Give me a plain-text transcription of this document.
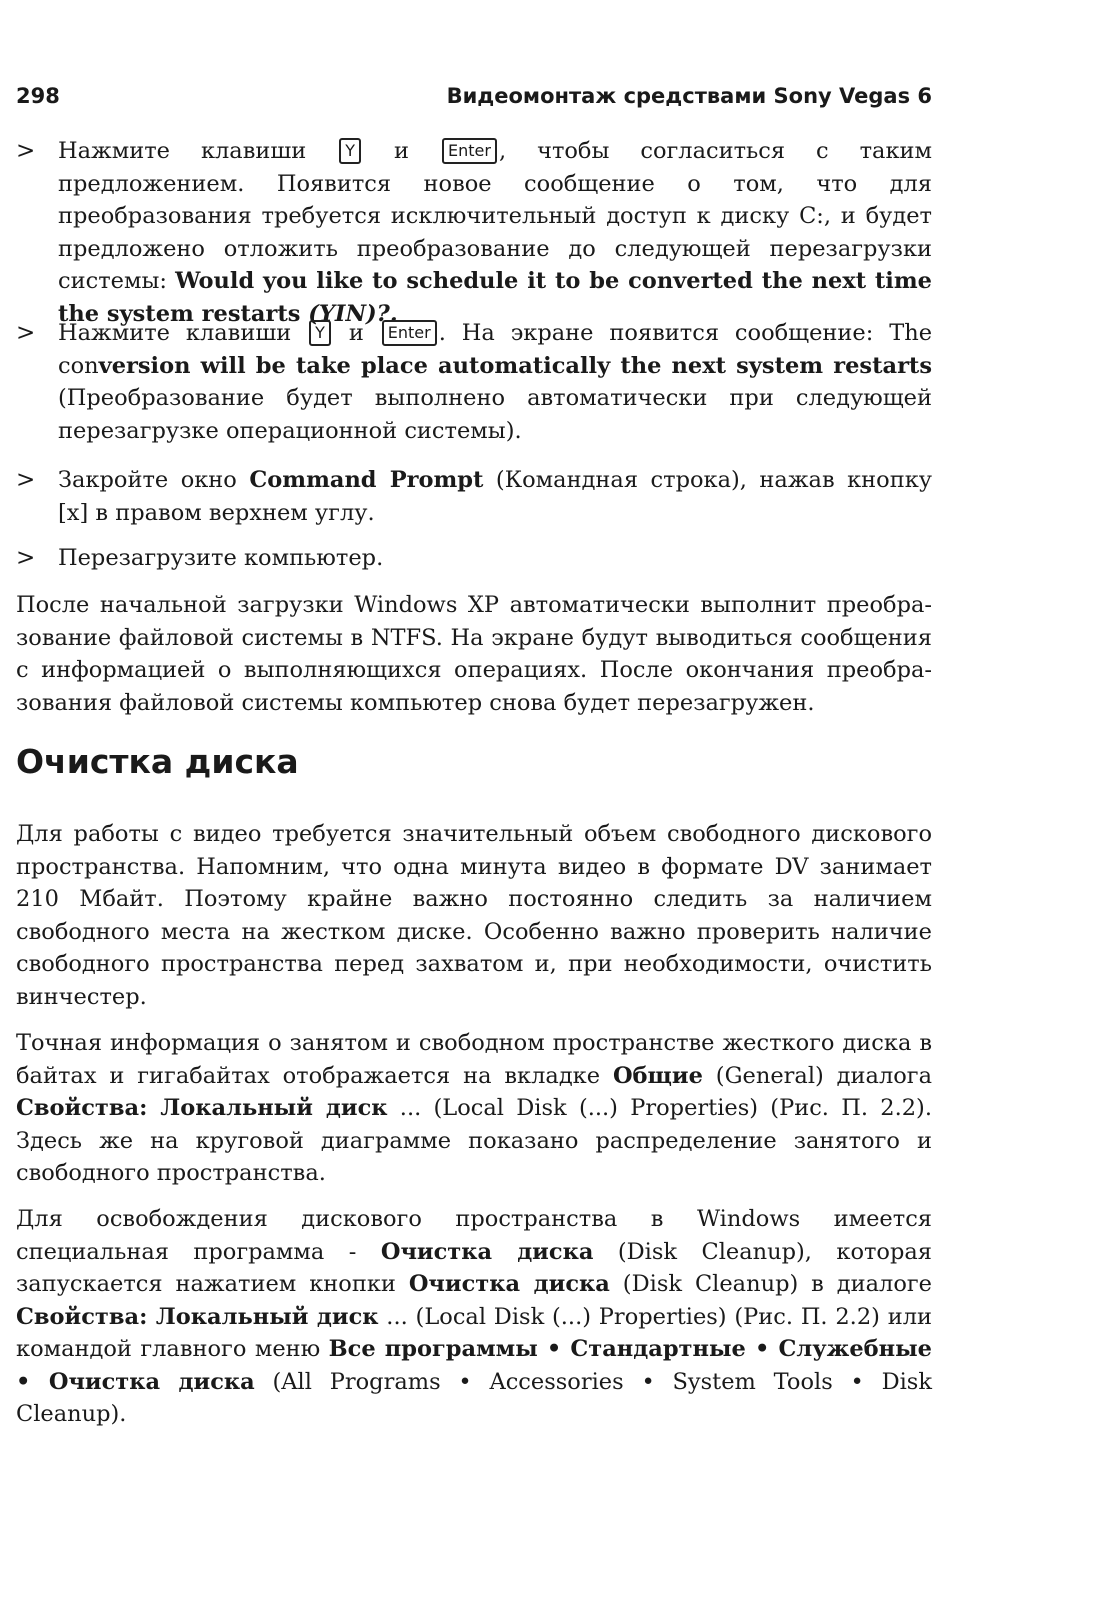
298	Видеомонтаж средствами Sony Vegas 6
> Нажмите клавиши Y и Enter , чтобы согласиться с таким предложением. Появится новое сообщение о том, что для преобразования требуется исключительный доступ к диску С:, и будет предложено отложить преобразование до следующей перезагрузки системы: Would you like to schedule it to be converted the next time the system restarts (YIN)?.
> Нажмите клавиши Y и Enter . На экране появится сообщение: The conversion will be take place automatically the next system restarts (Преобразование будет выполнено автоматически при следующей перезагрузке операционной системы).
> Закройте окно Command Prompt (Командная строка), нажав кнопку [x] в правом верхнем углу.
> Перезагрузите компьютер.
После начальной загрузки Windows XP автоматически выполнит преобразование файловой системы в NTFS. На экране будут выводиться сообщения с информацией о выполняющихся операциях. После окончания преобразования файловой системы компьютер снова будет перезагружен.
Очистка диска
Для работы с видео требуется значительный объем свободного дискового пространства. Напомним, что одна минута видео в формате DV занимает 210 Мбайт. Поэтому крайне важно постоянно следить за наличием свободного места на жестком диске. Особенно важно проверить наличие свободного пространства перед захватом и, при необходимости, очистить винчестер.
Точная информация о занятом и свободном пространстве жесткого диска в байтах и гигабайтах отображается на вкладке Общие (General) диалога Свойства: Локальный диск ... (Local Disk (...) Properties) (Рис. П. 2.2). Здесь же на круговой диаграмме показано распределение занятого и свободного пространства.
Для освобождения дискового пространства в Windows имеется специальная программа - Очистка диска (Disk Cleanup), которая запускается нажатием кнопки Очистка диска (Disk Cleanup) в диалоге Свойства: Локальный диск ... (Local Disk (...) Properties) (Рис. П. 2.2) или командой главного меню Все программы • Стандартные • Служебные • Очистка диска (All Programs • Accessories • System Tools • Disk Cleanup).
